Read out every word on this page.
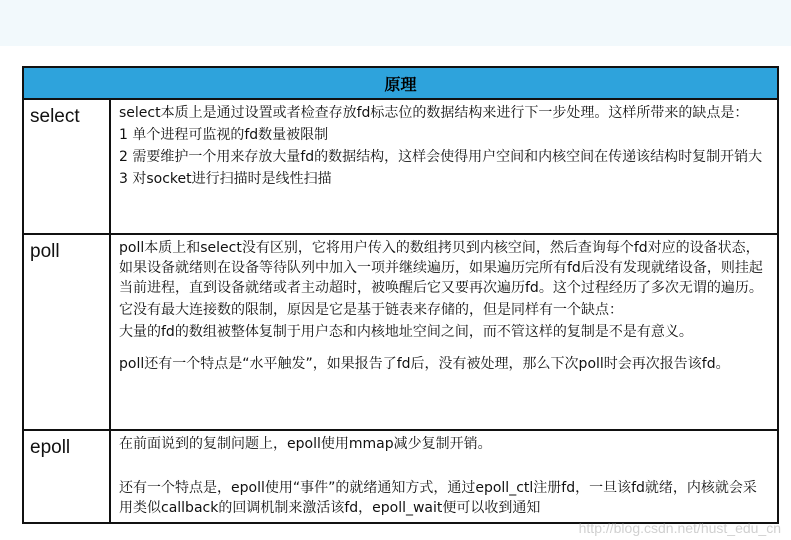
原理	
select	select本质上是通过设置或者检查存放fd标志位的数据结构来进行下一步处理。这样所带来的缺点是：

1 单个进程可监视的fd数量被限制

2 需要维护一个用来存放大量fd的数据结构，这样会使得用户空间和内核空间在传递该结构时复制开销大

3 对socket进行扫描时是线性扫描

poll	poll本质上和select没有区别，它将用户传入的数组拷贝到内核空间，然后查询每个fd对应的设备状态，如果设备就绪则在设备等待队列中加入一项并继续遍历，如果遍历完所有fd后没有发现就绪设备，则挂起当前进程，直到设备就绪或者主动超时，被唤醒后它又要再次遍历fd。这个过程经历了多次无谓的遍历。

它没有最大连接数的限制，原因是它是基于链表来存储的，但是同样有一个缺点：

大量的fd的数组被整体复制于用户态和内核地址空间之间，而不管这样的复制是不是有意义。

poll还有一个特点是“水平触发”，如果报告了fd后，没有被处理，那么下次poll时会再次报告该fd。

epoll	在前面说到的复制问题上，epoll使用mmap减少复制开销。

还有一个特点是，epoll使用“事件”的就绪通知方式，通过epoll_ctl注册fd，一旦该fd就绪，内核就会采用类似callback的回调机制来激活该fd，epoll_wait便可以收到通知

http://blog.csdn.net/hust_edu_cn
